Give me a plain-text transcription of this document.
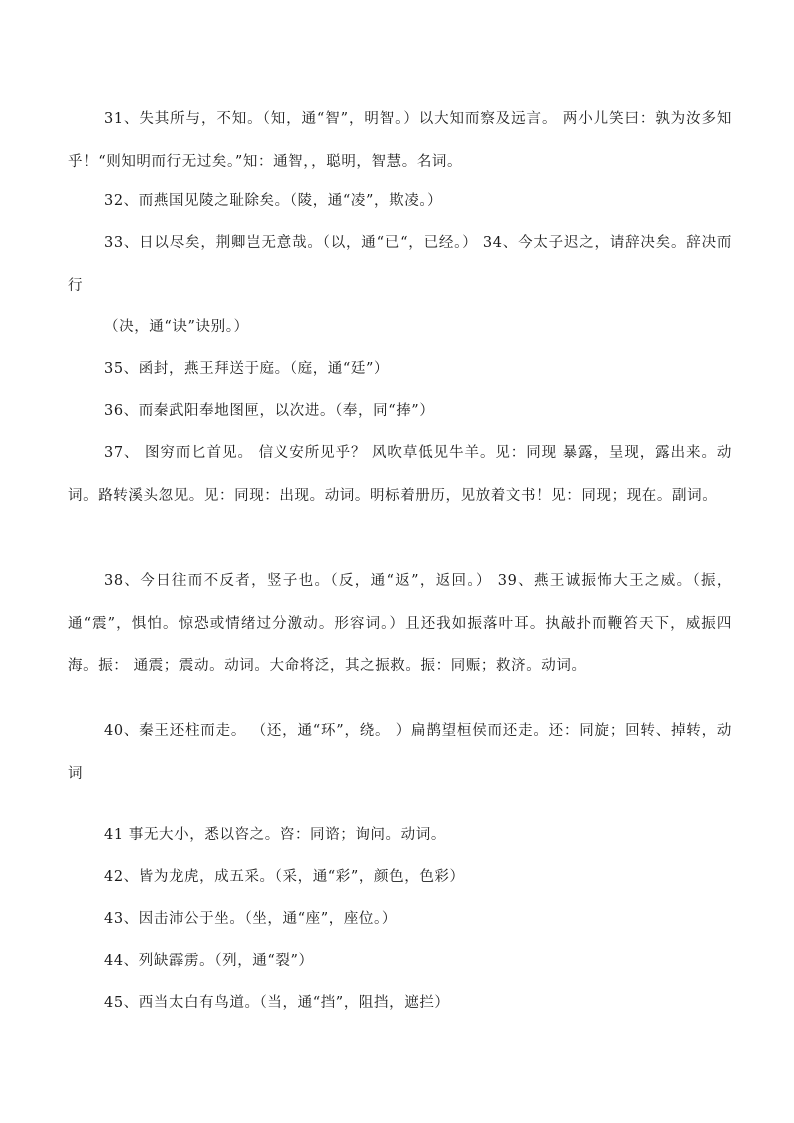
31、失其所与，不知。（知，通“智”，明智。）以大知而察及远言。 两小儿笑曰：孰为汝多知乎！“则知明而行无过矣。”知：通智，，聪明，智慧。名词。

32、而燕国见陵之耻除矣。（陵，通“凌”，欺凌。）

33、日以尽矣，荆卿岂无意哉。（以，通“已“，已经。） 34、今太子迟之，请辞决矣。辞决而行

（决，通“诀”诀别。）

35、函封，燕王拜送于庭。（庭，通“廷”）

36、而秦武阳奉地图匣，以次进。（奉，同“捧”）

37、 图穷而匕首见。 信义安所见乎？ 风吹草低见牛羊。见：同现 暴露，呈现，露出来。动词。路转溪头忽见。见：同现：出现。动词。明标着册历，见放着文书！见：同现；现在。副词。

38、今日往而不反者，竖子也。（反，通“返”，返回。） 39、燕王诚振怖大王之威。（振，通“震”，惧怕。惊恐或情绪过分激动。形容词。）且还我如振落叶耳。执敲扑而鞭笞天下，威振四海。振： 通震；震动。动词。大命将泛，其之振救。振：同赈；救济。动词。

40、秦王还柱而走。 （还，通“环”，绕。 ）扁鹊望桓侯而还走。还：同旋；回转、掉转，动词

41 事无大小，悉以咨之。咨：同谘；询问。动词。

42、皆为龙虎，成五采。（采，通“彩”，颜色，色彩）

43、因击沛公于坐。（坐，通“座”，座位。）

44、列缺霹雳。（列，通“裂”）

45、西当太白有鸟道。（当，通“挡”，阻挡，遮拦）
